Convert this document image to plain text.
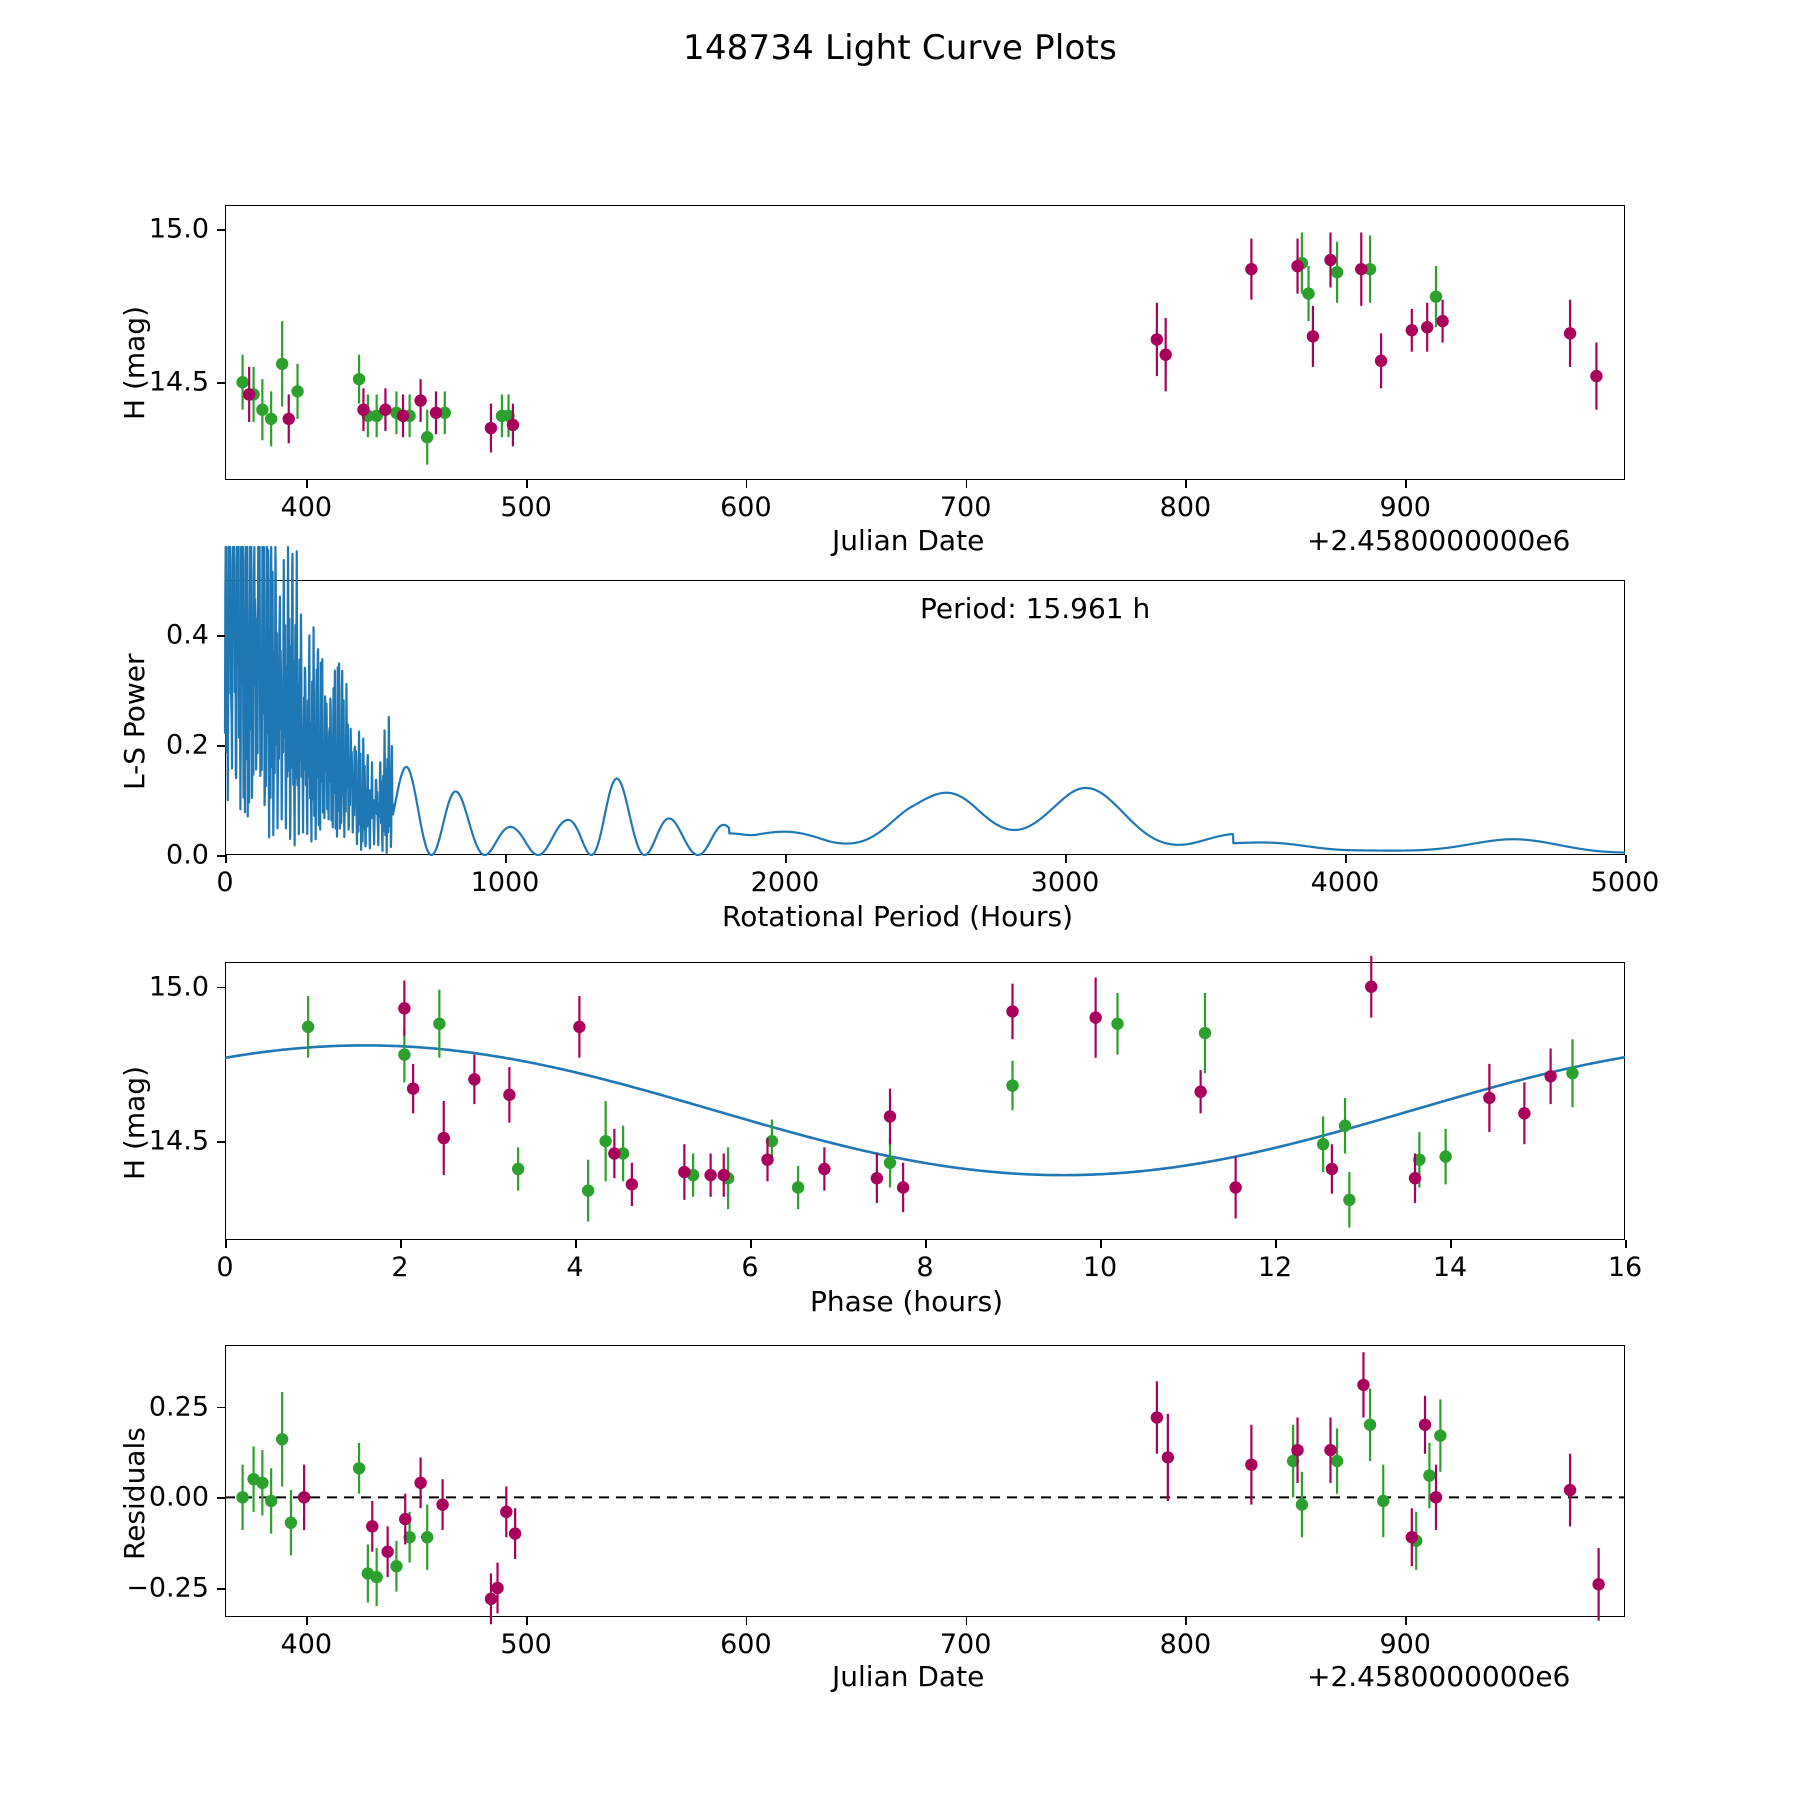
148734 Light Curve Plots
H (mag)
Julian Date	+2.4580000000e6
400	500	600	700	800	900
14.5
15.0
Period: 15.961 h
L-S Power
Rotational Period (Hours)
0	1000	2000	3000	4000	5000
0.0
0.2
0.4
H (mag)
Phase (hours)
0	2	4	6	8	10	12	14	16
14.5
15.0
Residuals
Julian Date	+2.4580000000e6
400	500	600	700	800	900
−0.25
0.00
0.25
